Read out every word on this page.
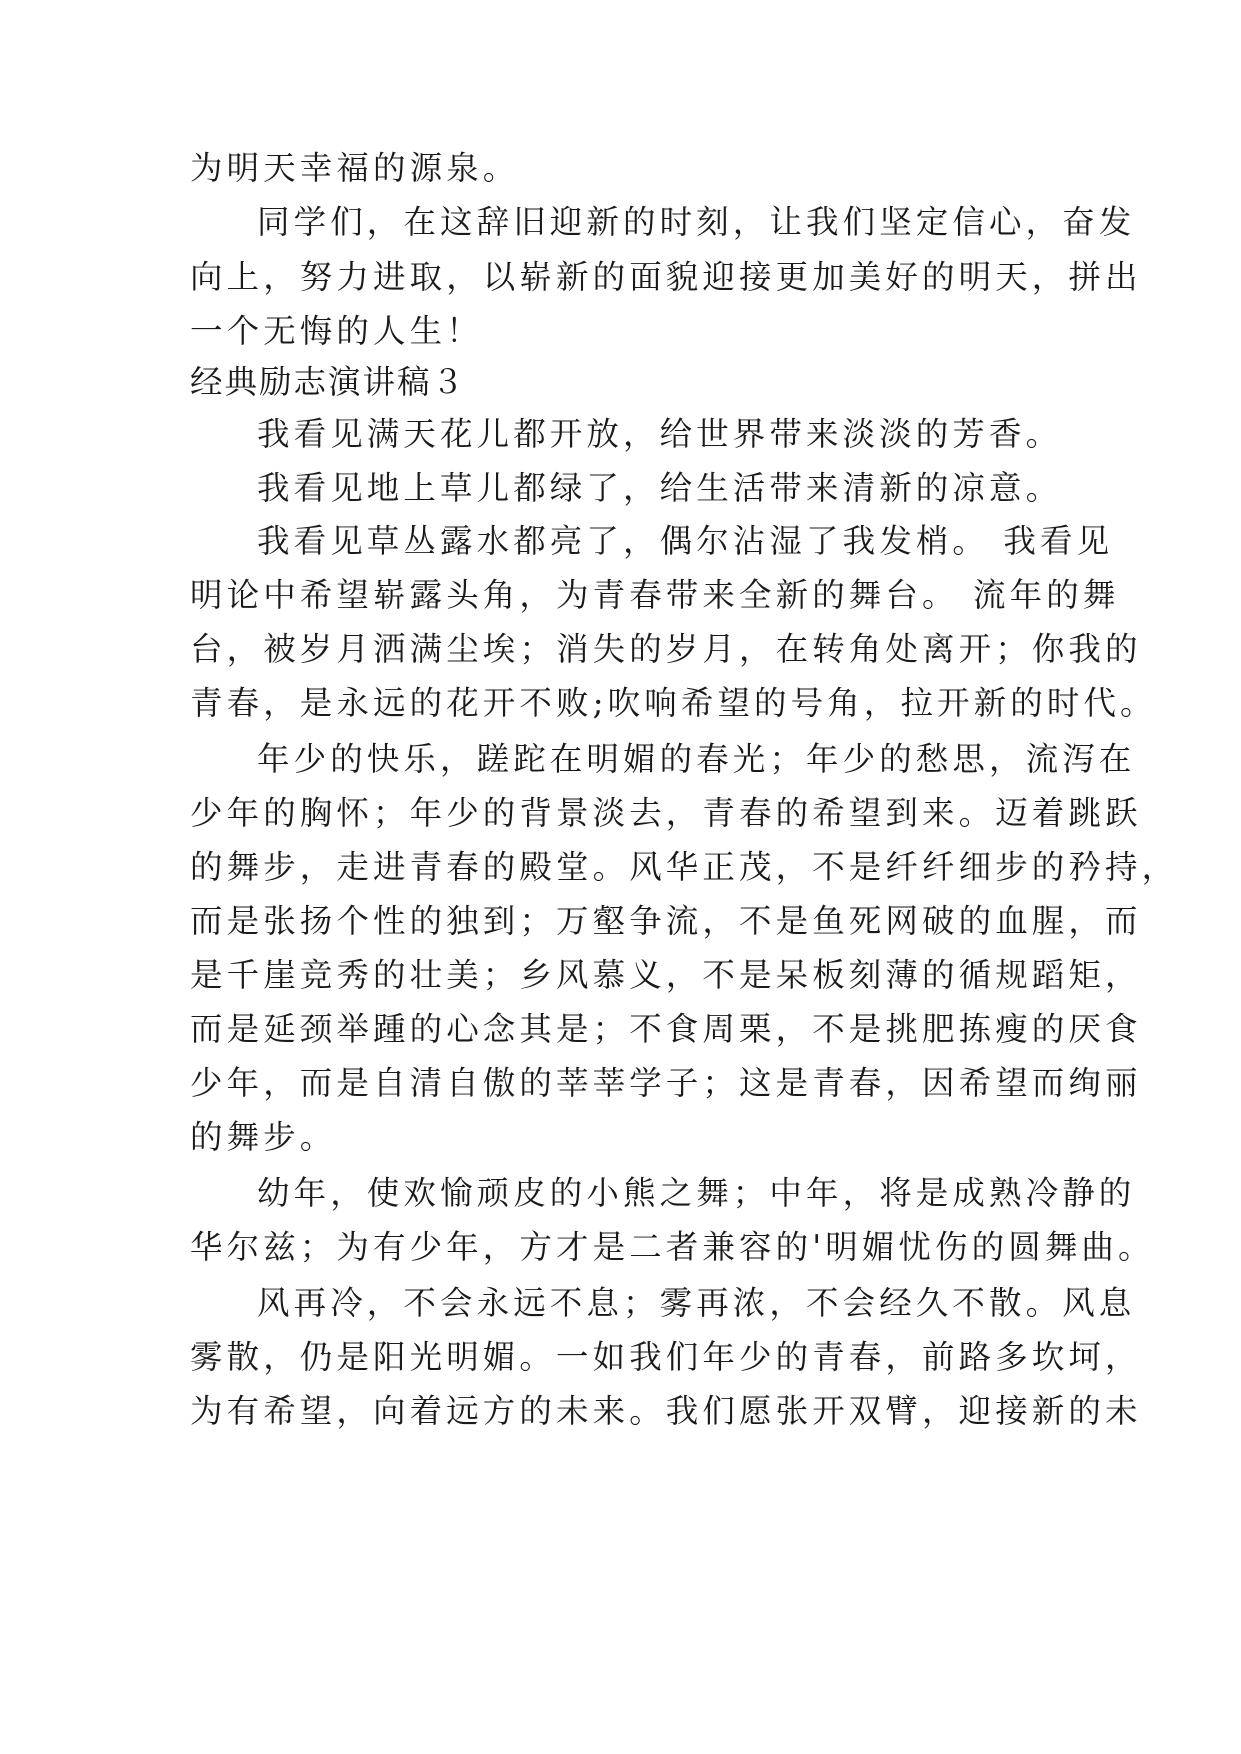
为明天幸福的源泉。

同学们，在这辞旧迎新的时刻，让我们坚定信心，奋发

向上，努力进取，以崭新的面貌迎接更加美好的明天，拼出

一个无悔的人生！

经典励志演讲稿３

我看见满天花儿都开放，给世界带来淡淡的芳香。

我看见地上草儿都绿了，给生活带来清新的凉意。

我看见草丛露水都亮了，偶尔沾湿了我发梢。 我看见

明论中希望崭露头角，为青春带来全新的舞台。 流年的舞

台，被岁月洒满尘埃；消失的岁月，在转角处离开；你我的

青春，是永远的花开不败;吹响希望的号角，拉开新的时代。

年少的快乐，蹉跎在明媚的春光；年少的愁思，流泻在

少年的胸怀；年少的背景淡去，青春的希望到来。迈着跳跃

的舞步，走进青春的殿堂。风华正茂，不是纤纤细步的矜持，

而是张扬个性的独到；万壑争流，不是鱼死网破的血腥，而

是千崖竞秀的壮美；乡风慕义，不是呆板刻薄的循规蹈矩，

而是延颈举踵的心念其是；不食周栗，不是挑肥拣瘦的厌食

少年，而是自清自傲的莘莘学子；这是青春，因希望而绚丽

的舞步。

幼年，使欢愉顽皮的小熊之舞；中年，将是成熟冷静的

华尔兹；为有少年，方才是二者兼容的'明媚忧伤的圆舞曲。

风再冷，不会永远不息；雾再浓，不会经久不散。风息

雾散，仍是阳光明媚。一如我们年少的青春，前路多坎坷，

为有希望，向着远方的未来。我们愿张开双臂，迎接新的未
